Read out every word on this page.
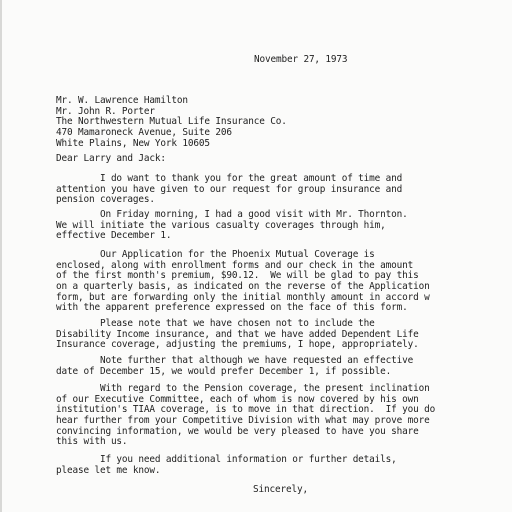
November 27, 1973
Mr. W. Lawrence Hamilton
Mr. John R. Porter
The Northwestern Mutual Life Insurance Co.
470 Mamaroneck Avenue, Suite 206
White Plains, New York 10605
Dear Larry and Jack:
I do want to thank you for the great amount of time and
attention you have given to our request for group insurance and
pension coverages.
On Friday morning, I had a good visit with Mr. Thornton.
We will initiate the various casualty coverages through him,
effective December 1.
Our Application for the Phoenix Mutual Coverage is
enclosed, along with enrollment forms and our check in the amount
of the first month's premium, $90.12.  We will be glad to pay this
on a quarterly basis, as indicated on the reverse of the Application
form, but are forwarding only the initial monthly amount in accord w
with the apparent preference expressed on the face of this form.
Please note that we have chosen not to include the
Disability Income insurance, and that we have added Dependent Life
Insurance coverage, adjusting the premiums, I hope, appropriately.
Note further that although we have requested an effective
date of December 15, we would prefer December 1, if possible.
With regard to the Pension coverage, the present inclination
of our Executive Committee, each of whom is now covered by his own
institution's TIAA coverage, is to move in that direction.  If you do
hear further from your Competitive Division with what may prove more
convincing information, we would be very pleased to have you share
this with us.
If you need additional information or further details,
please let me know.
Sincerely,
